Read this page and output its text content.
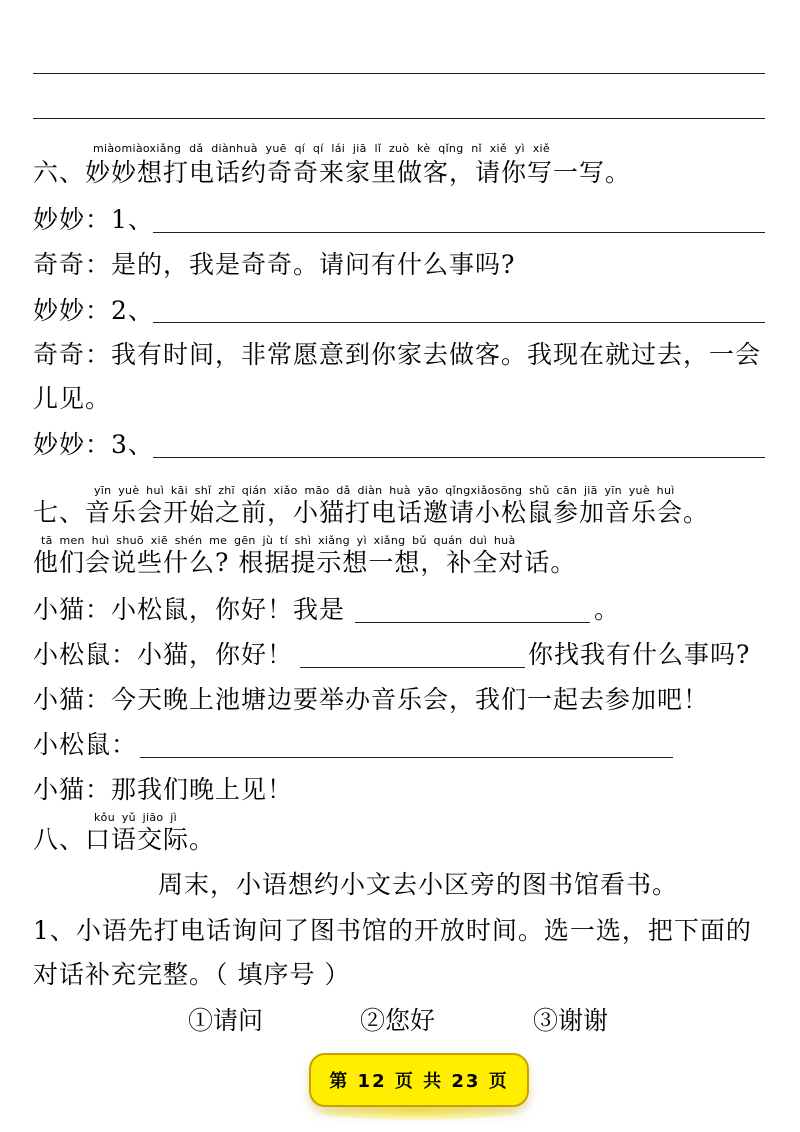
miàomiàoxiǎng dǎ diànhuà yuē qí qí lái jiā lǐ zuò kè qǐng nǐ xiě yì xiě
六、妙妙想打电话约奇奇来家里做客，请你写一写。
妙妙：1、
奇奇：是的，我是奇奇。请问有什么事吗?
妙妙：2、
奇奇：我有时间，非常愿意到你家去做客。我现在就过去，一会
儿见。
妙妙：3、
yīn yuè huì kāi shǐ zhī qián xiǎo māo dǎ diàn huà yāo qǐngxiǎosōng shǔ cān jiā yīn yuè huì
七、音乐会开始之前，小猫打电话邀请小松鼠参加音乐会。
tā men huì shuō xiē shén me gēn jù tí shì xiǎng yì xiǎng bǔ quán duì huà
他们会说些什么? 根据提示想一想，补全对话。
小猫：小松鼠，你好！我是	。
小松鼠：小猫，你好！	你找我有什么事吗?
小猫：今天晚上池塘边要举办音乐会，我们一起去参加吧！
小松鼠：
小猫：那我们晚上见！
kǒu yǔ jiāo jì
八、口语交际。
周末，小语想约小文去小区旁的图书馆看书。
1、小语先打电话询问了图书馆的开放时间。选一选，把下面的
对话补充完整。（ 填序号 ）
①请问	②您好	③谢谢
第 12 页 共 23 页
